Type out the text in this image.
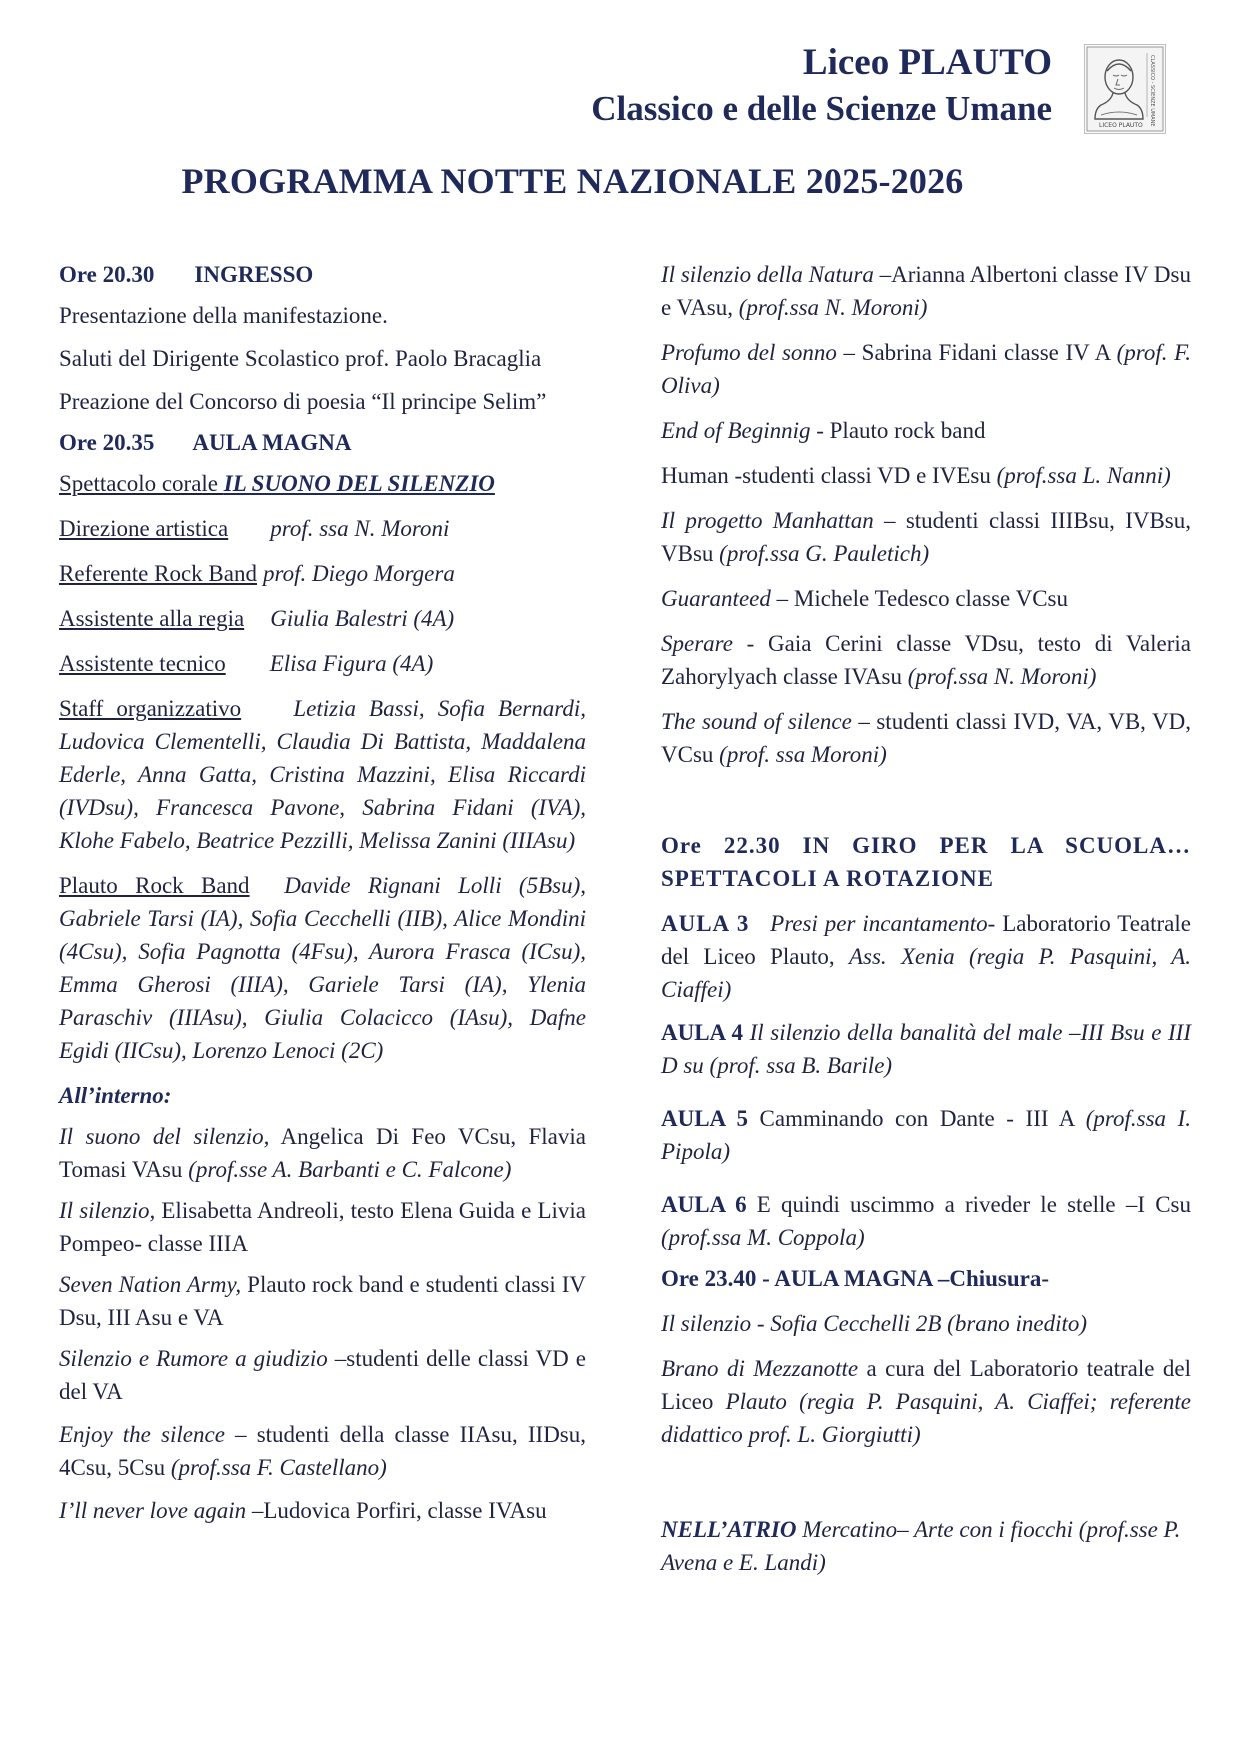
Liceo PLAUTO
Classico e delle Scienze Umane	CLASSICO - SCIENZE UMANE
LICEO PLAUTO
PROGRAMMA NOTTE NAZIONALE 2025-2026

Ore 20.30 INGRESSO

Presentazione della manifestazione.

Saluti del Dirigente Scolastico prof. Paolo Bracaglia

Preazione del Concorso di poesia “Il principe Selim”

Ore 20.35 AULA MAGNA

Spettacolo corale IL SUONO DEL SILENZIO

Direzione artistica prof. ssa N. Moroni

Referente Rock Band prof. Diego Morgera

Assistente alla regia Giulia Balestri (4A)

Assistente tecnico Elisa Figura (4A)

Staff organizzativo Letizia Bassi, Sofia Bernardi, Ludovica Clementelli, Claudia Di Battista, Maddalena Ederle, Anna Gatta, Cristina Mazzini, Elisa Riccardi (IVDsu), Francesca Pavone, Sabrina Fidani (IVA), Klohe Fabelo, Beatrice Pezzilli, Melissa Zanini (IIIAsu)

Plauto Rock Band Davide Rignani Lolli (5Bsu), Gabriele Tarsi (IA), Sofia Cecchelli (IIB), Alice Mondini (4Csu), Sofia Pagnotta (4Fsu), Aurora Frasca (ICsu), Emma Gherosi (IIIA), Gariele Tarsi (IA), Ylenia Paraschiv (IIIAsu), Giulia Colacicco (IAsu), Dafne Egidi (IICsu), Lorenzo Lenoci (2C)

All’interno:

Il suono del silenzio, Angelica Di Feo VCsu, Flavia Tomasi VAsu (prof.sse A. Barbanti e C. Falcone)

Il silenzio, Elisabetta Andreoli, testo Elena Guida e Livia Pompeo- classe IIIA

Seven Nation Army, Plauto rock band e studenti classi IV Dsu, III Asu e VA

Silenzio e Rumore a giudizio –studenti delle classi VD e del VA

Enjoy the silence – studenti della classe IIAsu, IIDsu, 4Csu, 5Csu (prof.ssa F. Castellano)

I’ll never love again –Ludovica Porfiri, classe IVAsu

Il silenzio della Natura –Arianna Albertoni classe IV Dsu e VAsu, (prof.ssa N. Moroni)

Profumo del sonno – Sabrina Fidani classe IV A (prof. F. Oliva)

End of Beginnig - Plauto rock band

Human -studenti classi VD e IVEsu (prof.ssa L. Nanni)

Il progetto Manhattan – studenti classi IIIBsu, IVBsu, VBsu (prof.ssa G. Pauletich)

Guaranteed – Michele Tedesco classe VCsu

Sperare - Gaia Cerini classe VDsu, testo di Valeria Zahorylyach classe IVAsu (prof.ssa N. Moroni)

The sound of silence – studenti classi IVD, VA, VB, VD, VCsu (prof. ssa Moroni)

Ore 22.30 IN GIRO PER LA SCUOLA… SPETTACOLI A ROTAZIONE

AULA 3 Presi per incantamento- Laboratorio Teatrale del Liceo Plauto, Ass. Xenia (regia P. Pasquini, A. Ciaffei)

AULA 4 Il silenzio della banalità del male –III Bsu e III D su (prof. ssa B. Barile)

AULA 5 Camminando con Dante - III A (prof.ssa I. Pipola)

AULA 6 E quindi uscimmo a riveder le stelle –I Csu (prof.ssa M. Coppola)

Ore 23.40 - AULA MAGNA –Chiusura-

Il silenzio - Sofia Cecchelli 2B (brano inedito)

Brano di Mezzanotte a cura del Laboratorio teatrale del Liceo Plauto (regia P. Pasquini, A. Ciaffei; referente didattico prof. L. Giorgiutti)

NELL’ATRIO Mercatino– Arte con i fiocchi (prof.sse P. Avena e E. Landi)
